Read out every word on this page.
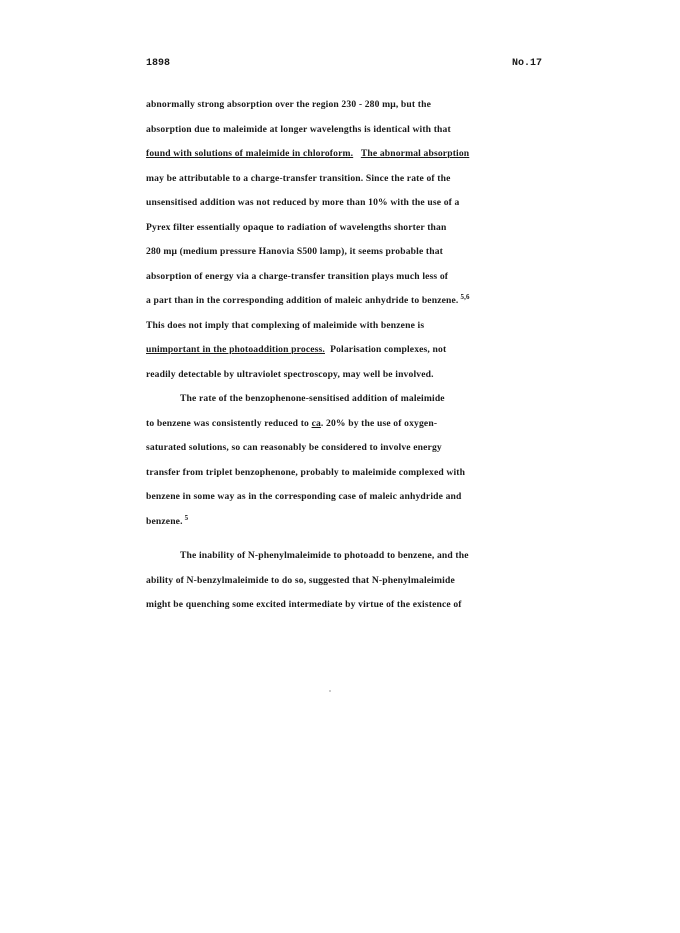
1898	No.17
abnormally strong absorption over the region 230 - 280 mμ, but the
absorption due to maleimide at longer wavelengths is identical with that
found with solutions of maleimide in chloroform. The abnormal absorption
may be attributable to a charge-transfer transition. Since the rate of the
unsensitised addition was not reduced by more than 10% with the use of a
Pyrex filter essentially opaque to radiation of wavelengths shorter than
280 mμ (medium pressure Hanovia S500 lamp), it seems probable that
absorption of energy via a charge-transfer transition plays much less of
a part than in the corresponding addition of maleic anhydride to benzene. $^{5,6}$
This does not imply that complexing of maleimide with benzene is
unimportant in the photoaddition process. Polarisation complexes, not
readily detectable by ultraviolet spectroscopy, may well be involved.
The rate of the benzophenone-sensitised addition of maleimide
to benzene was consistently reduced to ca. 20% by the use of oxygen-
saturated solutions, so can reasonably be considered to involve energy
transfer from triplet benzophenone, probably to maleimide complexed with
benzene in some way as in the corresponding case of maleic anhydride and
benzene. $^5$
The inability of N-phenylmaleimide to photoadd to benzene, and the
ability of N-benzylmaleimide to do so, suggested that N-phenylmaleimide
might be quenching some excited intermediate by virtue of the existence of
